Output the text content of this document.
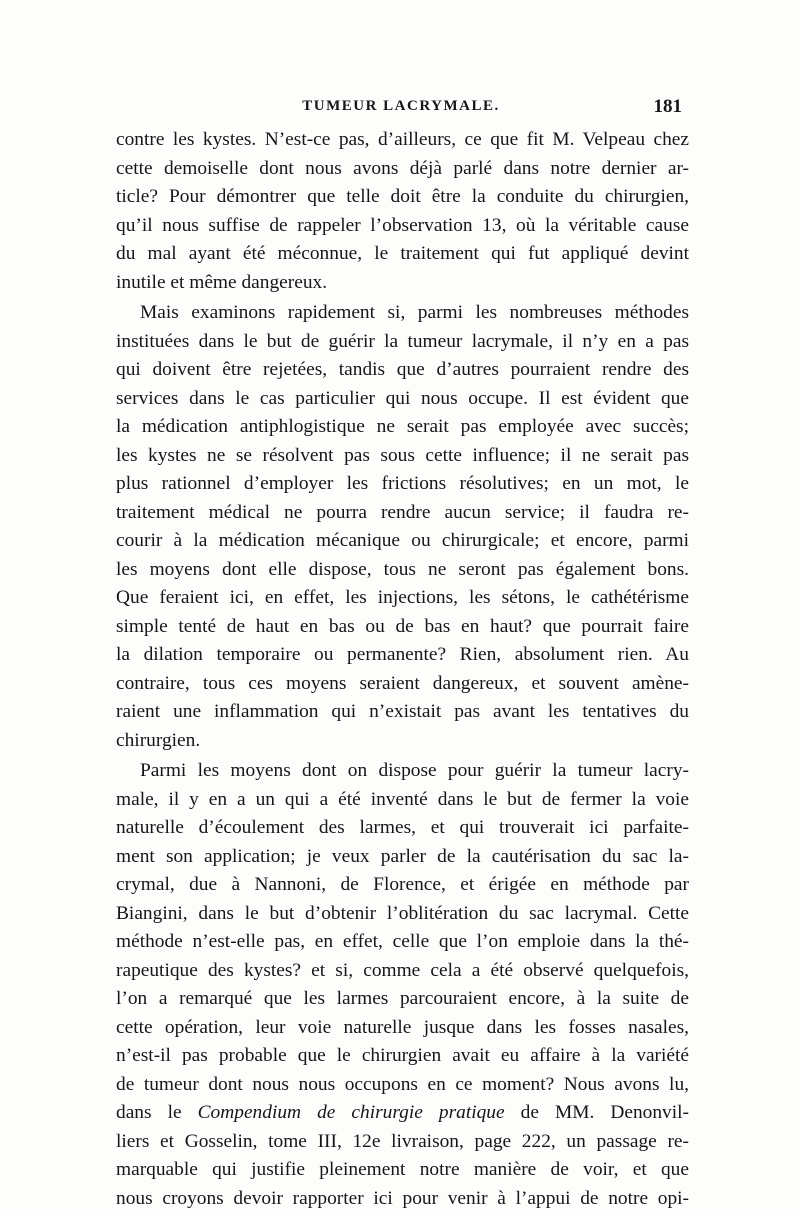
TUMEUR LACRYMALE.	181
contre les kystes. N’est-ce pas, d’ailleurs, ce que fit M. Velpeau chez
cette demoiselle dont nous avons déjà parlé dans notre dernier ar-
ticle? Pour démontrer que telle doit être la conduite du chirurgien,
qu’il nous suffise de rappeler l’observation 13, où la véritable cause
du mal ayant été méconnue, le traitement qui fut appliqué devint
inutile et même dangereux.
Mais examinons rapidement si, parmi les nombreuses méthodes
instituées dans le but de guérir la tumeur lacrymale, il n’y en a pas
qui doivent être rejetées, tandis que d’autres pourraient rendre des
services dans le cas particulier qui nous occupe. Il est évident que
la médication antiphlogistique ne serait pas employée avec succès;
les kystes ne se résolvent pas sous cette influence; il ne serait pas
plus rationnel d’employer les frictions résolutives; en un mot, le
traitement médical ne pourra rendre aucun service; il faudra re-
courir à la médication mécanique ou chirurgicale; et encore, parmi
les moyens dont elle dispose, tous ne seront pas également bons.
Que feraient ici, en effet, les injections, les sétons, le cathétérisme
simple tenté de haut en bas ou de bas en haut? que pourrait faire
la dilation temporaire ou permanente? Rien, absolument rien. Au
contraire, tous ces moyens seraient dangereux, et souvent amène-
raient une inflammation qui n’existait pas avant les tentatives du
chirurgien.
Parmi les moyens dont on dispose pour guérir la tumeur lacry-
male, il y en a un qui a été inventé dans le but de fermer la voie
naturelle d’écoulement des larmes, et qui trouverait ici parfaite-
ment son application; je veux parler de la cautérisation du sac la-
crymal, due à Nannoni, de Florence, et érigée en méthode par
Biangini, dans le but d’obtenir l’oblitération du sac lacrymal. Cette
méthode n’est-elle pas, en effet, celle que l’on emploie dans la thé-
rapeutique des kystes? et si, comme cela a été observé quelquefois,
l’on a remarqué que les larmes parcouraient encore, à la suite de
cette opération, leur voie naturelle jusque dans les fosses nasales,
n’est-il pas probable que le chirurgien avait eu affaire à la variété
de tumeur dont nous nous occupons en ce moment? Nous avons lu,
dans le Compendium de chirurgie pratique de MM. Denonvil-
liers et Gosselin, tome III, 12e livraison, page 222, un passage re-
marquable qui justifie pleinement notre manière de voir, et que
nous croyons devoir rapporter ici pour venir à l’appui de notre opi-
